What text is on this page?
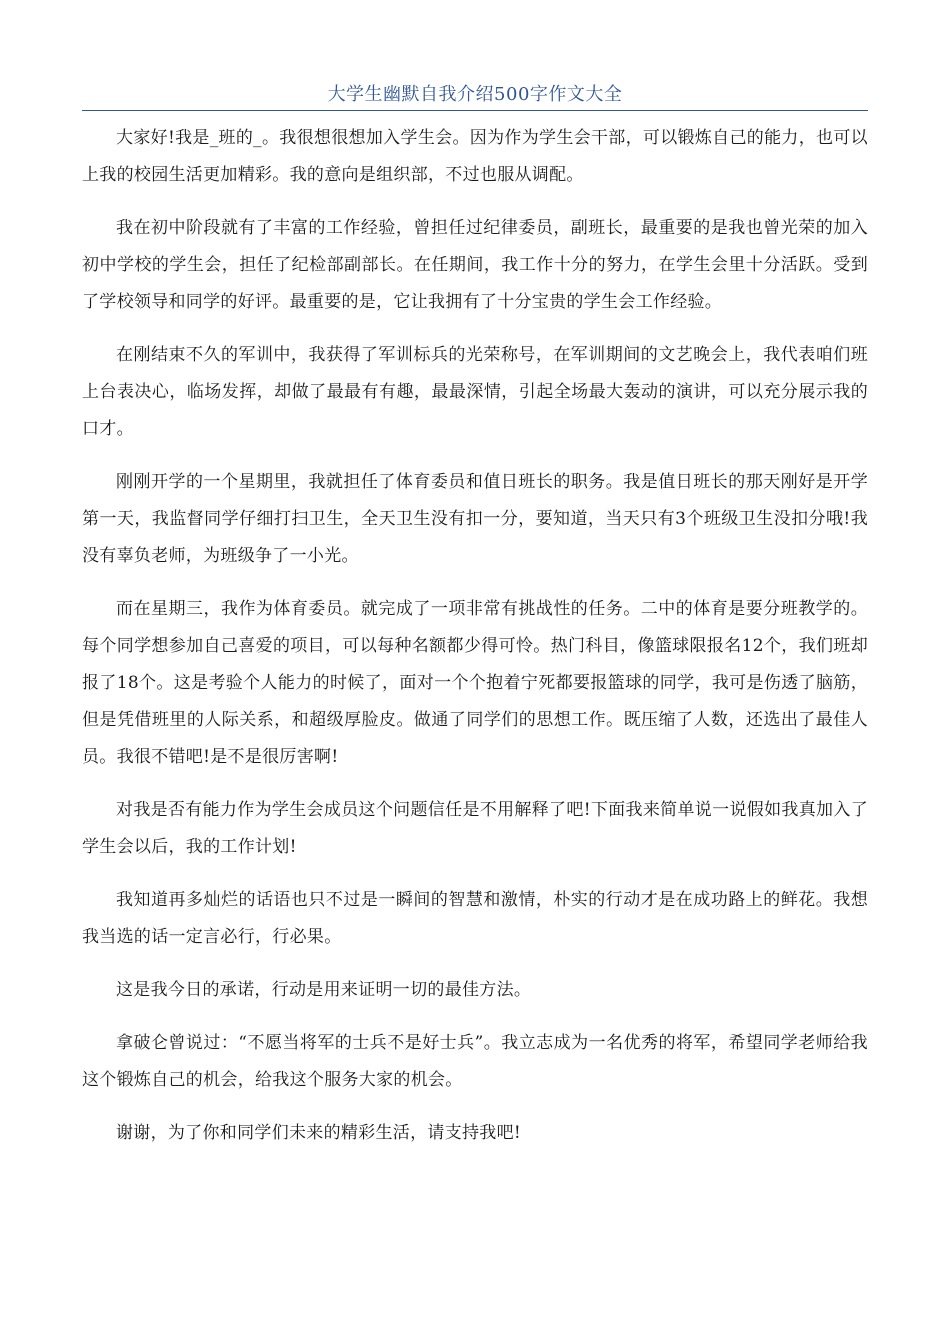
大学生幽默自我介绍500字作文大全

大家好!我是_班的_。我很想很想加入学生会。因为作为学生会干部，可以锻炼自己的能力，也可以上我的校园生活更加精彩。我的意向是组织部，不过也服从调配。

我在初中阶段就有了丰富的工作经验，曾担任过纪律委员，副班长，最重要的是我也曾光荣的加入初中学校的学生会，担任了纪检部副部长。在任期间，我工作十分的努力，在学生会里十分活跃。受到了学校领导和同学的好评。最重要的是，它让我拥有了十分宝贵的学生会工作经验。

在刚结束不久的军训中，我获得了军训标兵的光荣称号，在军训期间的文艺晚会上，我代表咱们班上台表决心，临场发挥，却做了最最有有趣，最最深情，引起全场最大轰动的演讲，可以充分展示我的口才。

刚刚开学的一个星期里，我就担任了体育委员和值日班长的职务。我是值日班长的那天刚好是开学第一天，我监督同学仔细打扫卫生，全天卫生没有扣一分，要知道，当天只有3个班级卫生没扣分哦!我没有辜负老师，为班级争了一小光。

而在星期三，我作为体育委员。就完成了一项非常有挑战性的任务。二中的体育是要分班教学的。每个同学想参加自己喜爱的项目，可以每种名额都少得可怜。热门科目，像篮球限报名12个，我们班却报了18个。这是考验个人能力的时候了，面对一个个抱着宁死都要报篮球的同学，我可是伤透了脑筋，但是凭借班里的人际关系，和超级厚脸皮。做通了同学们的思想工作。既压缩了人数，还选出了最佳人员。我很不错吧!是不是很厉害啊!

对我是否有能力作为学生会成员这个问题信任是不用解释了吧!下面我来简单说一说假如我真加入了学生会以后，我的工作计划!

我知道再多灿烂的话语也只不过是一瞬间的智慧和激情，朴实的行动才是在成功路上的鲜花。我想我当选的话一定言必行，行必果。

这是我今日的承诺，行动是用来证明一切的最佳方法。

拿破仑曾说过：“不愿当将军的士兵不是好士兵”。我立志成为一名优秀的将军，希望同学老师给我这个锻炼自己的机会，给我这个服务大家的机会。

谢谢，为了你和同学们未来的精彩生活，请支持我吧!
